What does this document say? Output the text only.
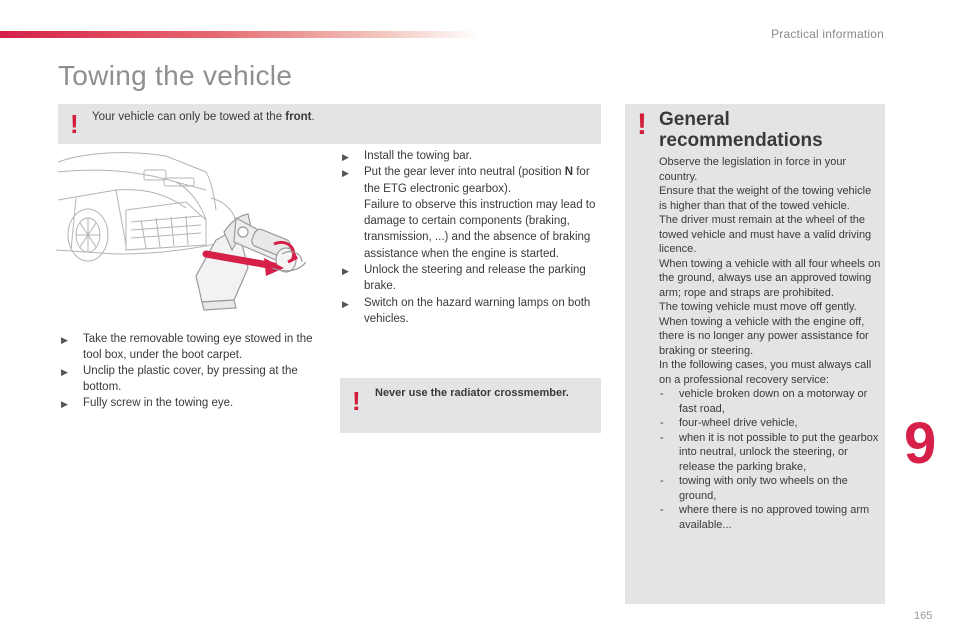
Practical information
Towing the vehicle
! Your vehicle can only be towed at the front.
▶ Take the removable towing eye stowed in the tool box, under the boot carpet.
▶ Unclip the plastic cover, by pressing at the bottom.
▶ Fully screw in the towing eye.
▶ Install the towing bar.
▶ Put the gear lever into neutral (position N for the ETG electronic gearbox).
Failure to observe this instruction may lead to damage to certain components (braking, transmission, ...) and the absence of braking assistance when the engine is started.
▶ Unlock the steering and release the parking brake.
▶ Switch on the hazard warning lamps on both vehicles.
! Never use the radiator crossmember.
! General recommendations

Observe the legislation in force in your country.

Ensure that the weight of the towing vehicle is higher than that of the towed vehicle.

The driver must remain at the wheel of the towed vehicle and must have a valid driving licence.

When towing a vehicle with all four wheels on the ground, always use an approved towing arm; rope and straps are prohibited.

The towing vehicle must move off gently.

When towing a vehicle with the engine off, there is no longer any power assistance for braking or steering.

In the following cases, you must always call on a professional recovery service:

- vehicle broken down on a motorway or fast road,
- four-wheel drive vehicle,
- when it is not possible to put the gearbox into neutral, unlock the steering, or release the parking brake,
- towing with only two wheels on the ground,
- where there is no approved towing arm available...
9
165
